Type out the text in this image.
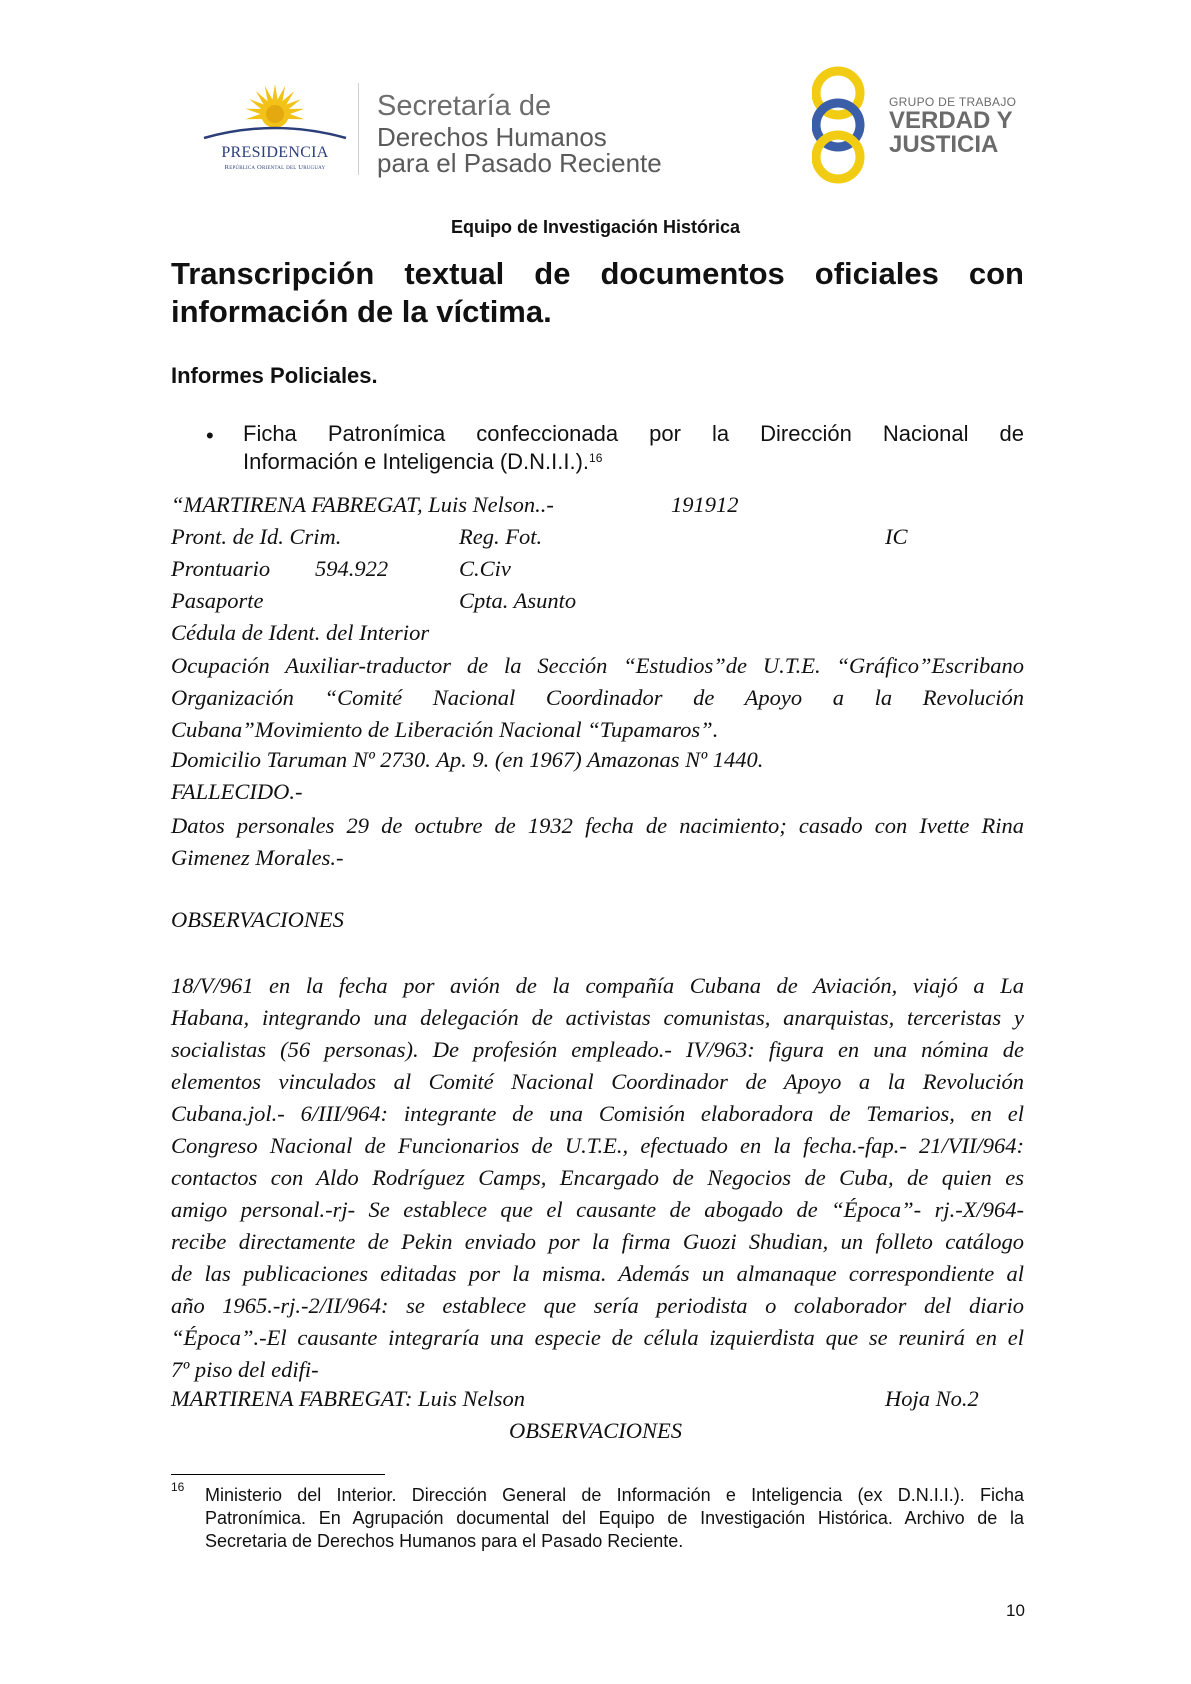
PRESIDENCIA
República Oriental del Uruguay
Secretaría de
Derechos Humanos
para el Pasado Reciente
GRUPO DE TRABAJO
VERDAD Y
JUSTICIA
Equipo de Investigación Histórica
Transcripción textual de documentos oficiales con
información de la víctima.
Informes Policiales.
• Ficha Patronímica confeccionada por la Dirección Nacional de
Información e Inteligencia (D.N.I.I.).$^{16}$
“MARTIRENA FABREGAT, Luis Nelson..-	191912
Pront. de Id. Crim.	Reg. Fot.	IC
Prontuario 594.922	C.Civ
Pasaporte	Cpta. Asunto
Cédula de Ident. del Interior
Ocupación Auxiliar-traductor de la Sección “Estudios”de U.T.E. “Gráfico”Escribano
Organización “Comité Nacional Coordinador de Apoyo a la Revolución
Cubana”Movimiento de Liberación Nacional “Tupamaros”.
Domicilio Taruman Nº 2730. Ap. 9. (en 1967) Amazonas Nº 1440.
FALLECIDO.-
Datos personales 29 de octubre de 1932 fecha de nacimiento; casado con Ivette Rina
Gimenez Morales.-
OBSERVACIONES
18/V/961 en la fecha por avión de la compañía Cubana de Aviación, viajó a La
Habana, integrando una delegación de activistas comunistas, anarquistas, terceristas y
socialistas (56 personas). De profesión empleado.- IV/963: figura en una nómina de
elementos vinculados al Comité Nacional Coordinador de Apoyo a la Revolución
Cubana.jol.- 6/III/964: integrante de una Comisión elaboradora de Temarios, en el
Congreso Nacional de Funcionarios de U.T.E., efectuado en la fecha.-fap.- 21/VII/964:
contactos con Aldo Rodríguez Camps, Encargado de Negocios de Cuba, de quien es
amigo personal.-rj- Se establece que el causante de abogado de “Época”- rj.-X/964-
recibe directamente de Pekin enviado por la firma Guozi Shudian, un folleto catálogo
de las publicaciones editadas por la misma. Además un almanaque correspondiente al
año 1965.-rj.-2/II/964: se establece que sería periodista o colaborador del diario
“Época”.-El causante integraría una especie de célula izquierdista que se reunirá en el
7º piso del edifi-
MARTIRENA FABREGAT: Luis Nelson	Hoja No.2
OBSERVACIONES
16 Ministerio del Interior. Dirección General de Información e Inteligencia (ex D.N.I.I.). Ficha
Patronímica. En Agrupación documental del Equipo de Investigación Histórica. Archivo de la
Secretaria de Derechos Humanos para el Pasado Reciente.
10
